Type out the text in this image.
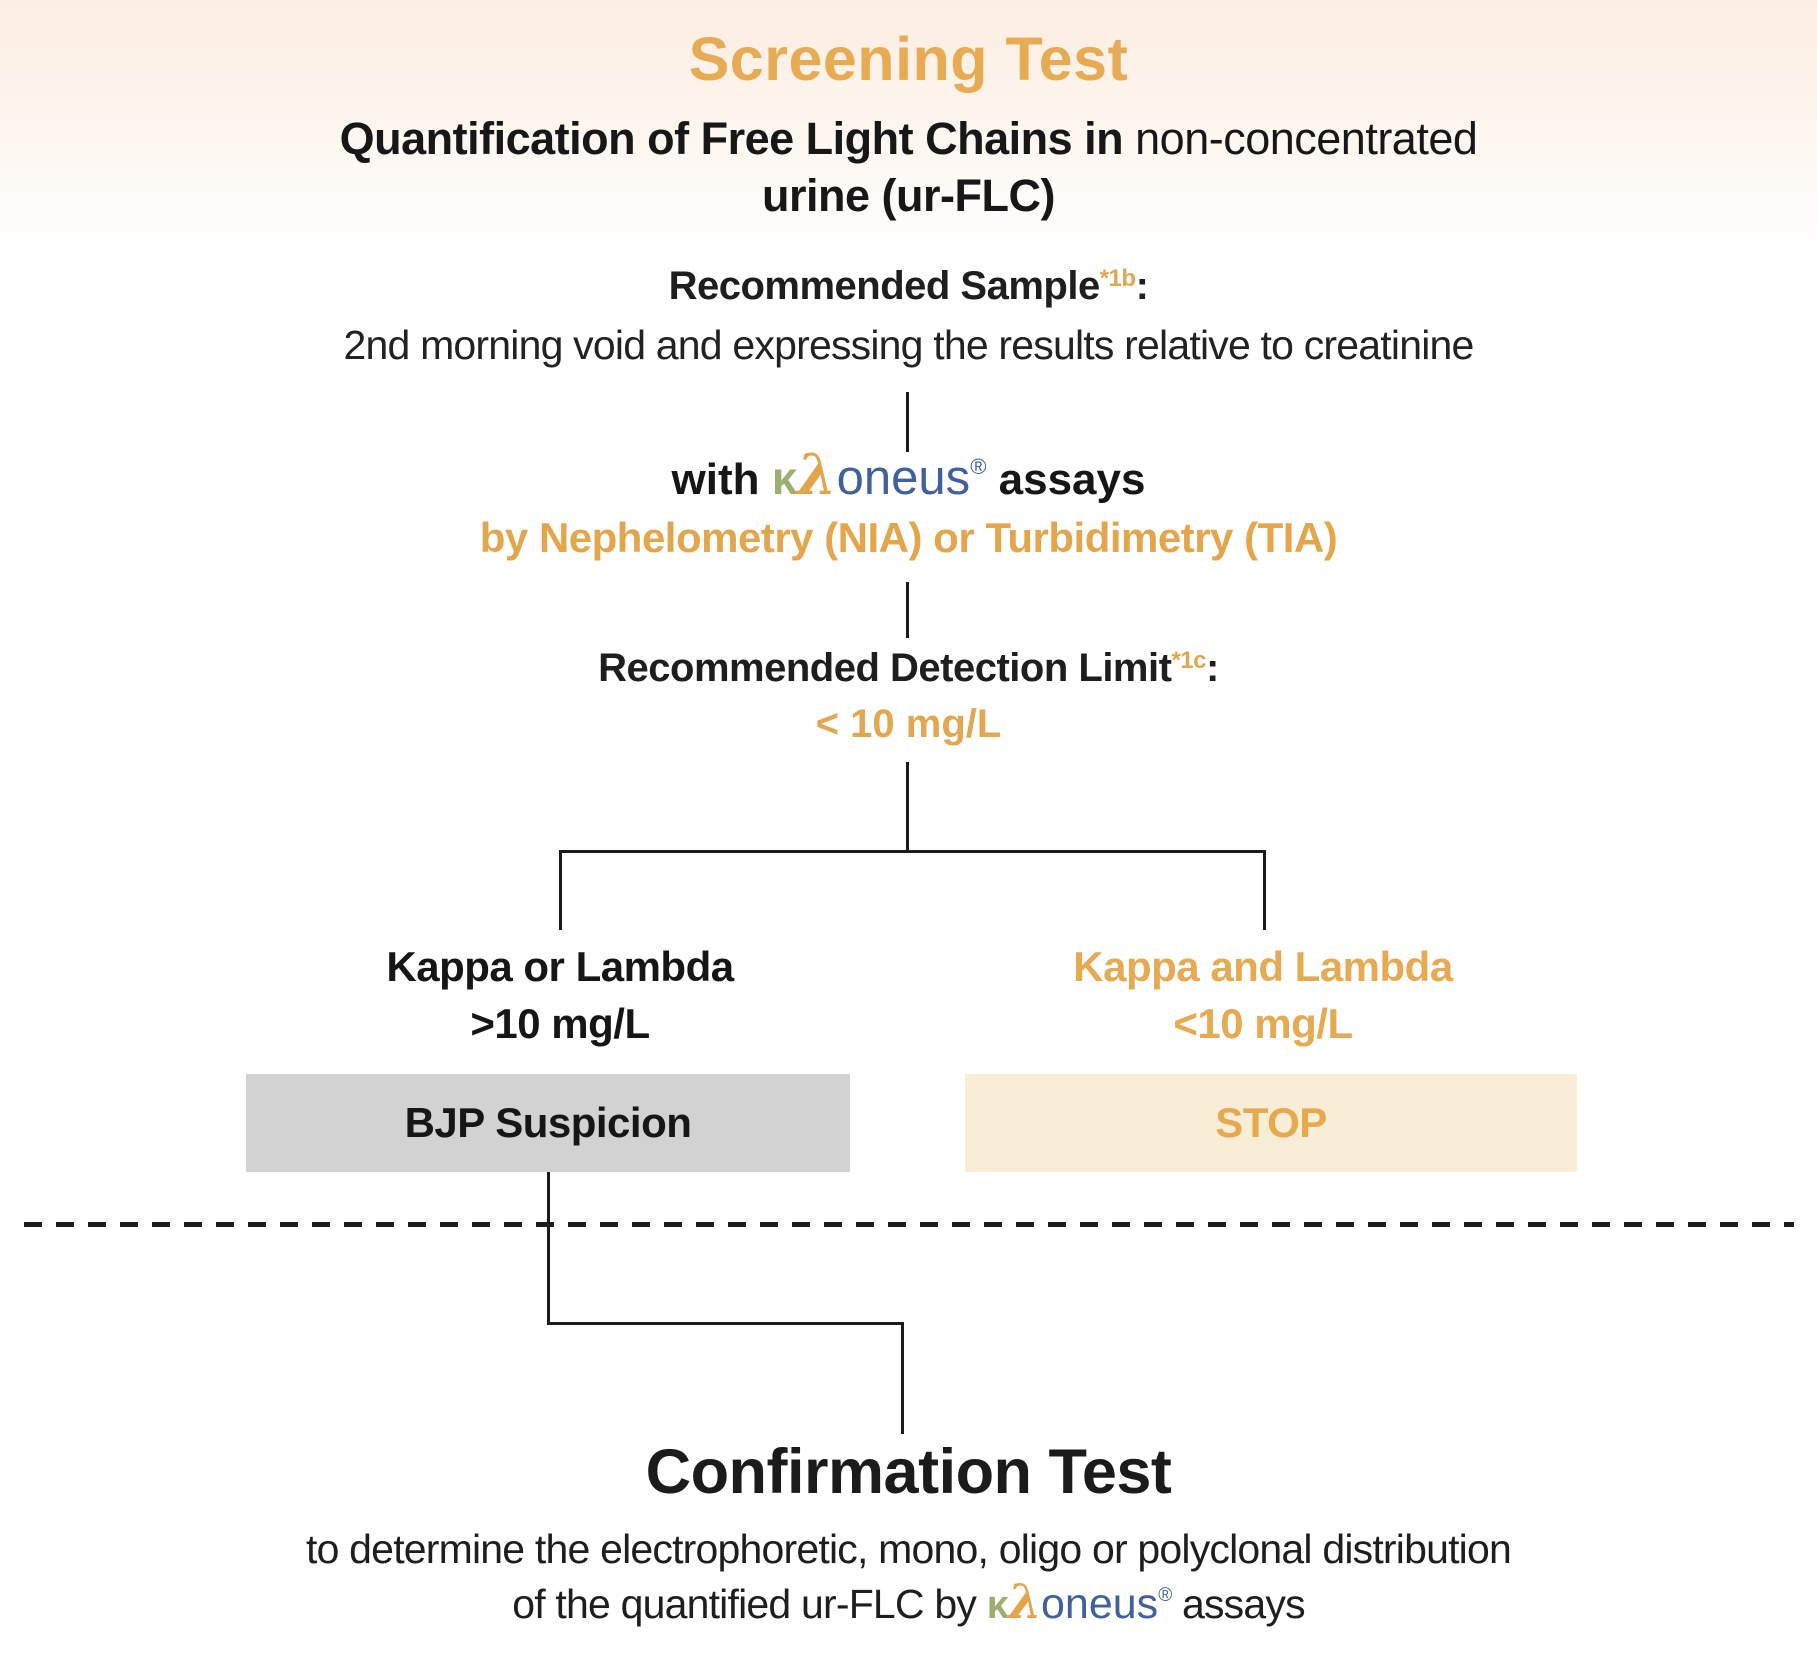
Screening Test
Quantification of Free Light Chains in non-concentrated
urine (ur-FLC)
Recommended Sample$^{*1b}$:
2nd morning void and expressing the results relative to creatinine
with κλoneus® assays
by Nephelometry (NIA) or Turbidimetry (TIA)
Recommended Detection Limit$^{*1c}$:
< 10 mg/L
Kappa or Lambda
>10 mg/L
Kappa and Lambda
<10 mg/L
BJP Suspicion	STOP
Confirmation Test
to determine the electrophoretic, mono, oligo or polyclonal distribution
of the quantified ur-FLC by κλoneus® assays
